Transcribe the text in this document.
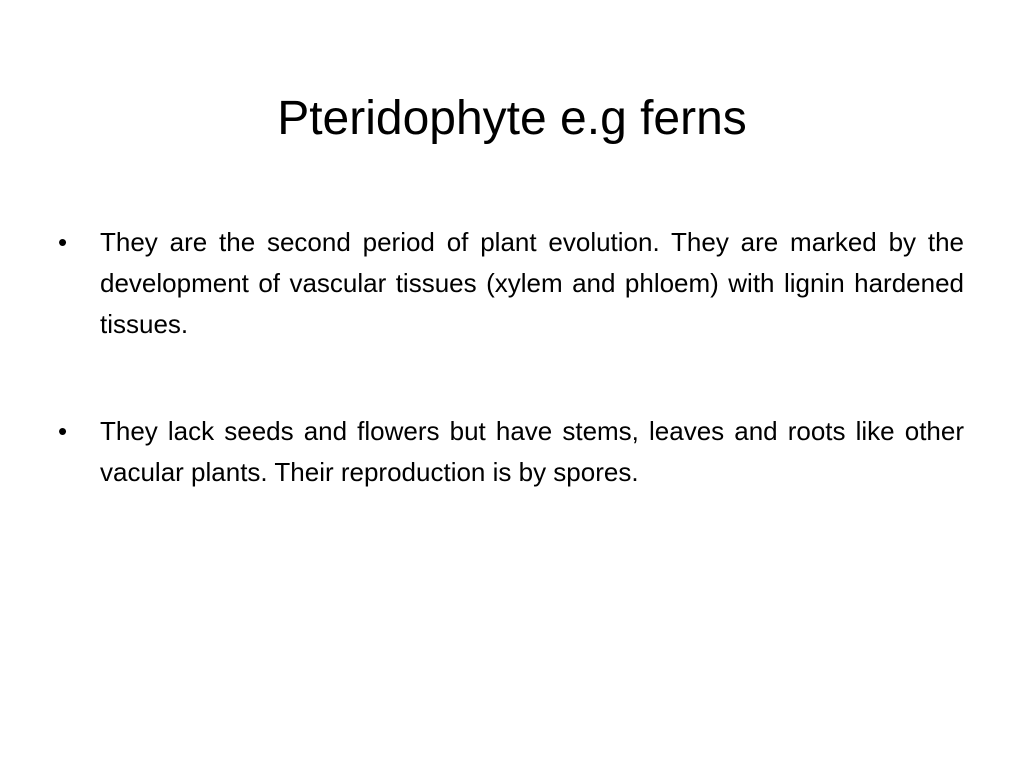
Pteridophyte e.g ferns
•	They are the second period of plant evolution. They are marked by the development of vascular tissues (xylem and phloem) with lignin hardened tissues.
•	They lack seeds and flowers but have stems, leaves and roots like other vacular plants. Their reproduction is by spores.
